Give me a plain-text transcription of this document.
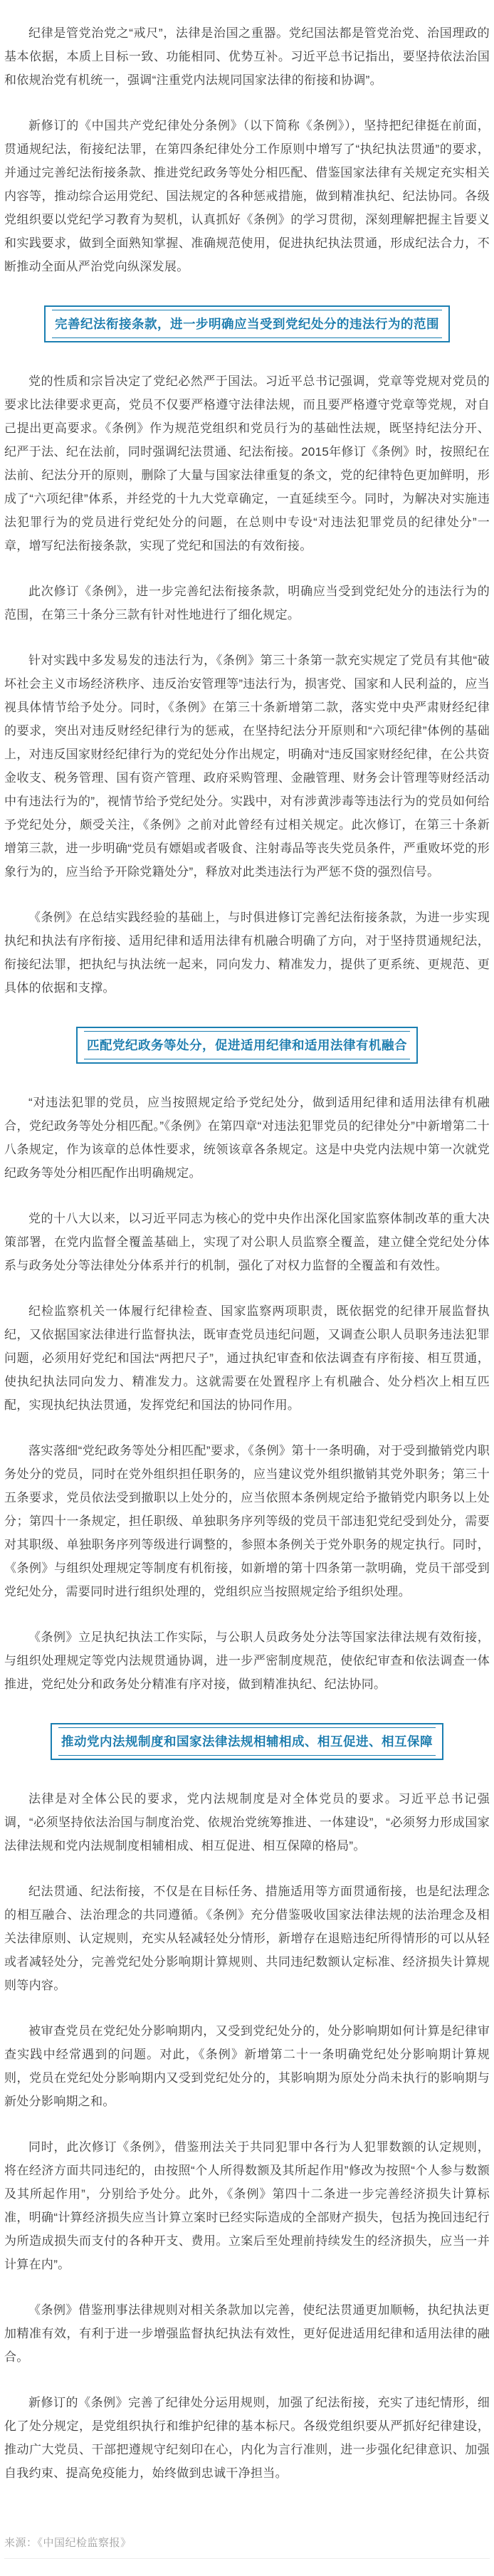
纪律是管党治党之“戒尺”，法律是治国之重器。党纪国法都是管党治党、治国理政的基本依据，本质上目标一致、功能相同、优势互补。习近平总书记指出，要坚持依法治国和依规治党有机统一，强调“注重党内法规同国家法律的衔接和协调”。

新修订的《中国共产党纪律处分条例》（以下简称《条例》），坚持把纪律挺在前面，贯通规纪法，衔接纪法罪，在第四条纪律处分工作原则中增写了“执纪执法贯通”的要求，并通过完善纪法衔接条款、推进党纪政务等处分相匹配、借鉴国家法律有关规定充实相关内容等，推动综合运用党纪、国法规定的各种惩戒措施，做到精准执纪、纪法协同。各级党组织要以党纪学习教育为契机，认真抓好《条例》的学习贯彻，深刻理解把握主旨要义和实践要求，做到全面熟知掌握、准确规范使用，促进执纪执法贯通，形成纪法合力，不断推动全面从严治党向纵深发展。

完善纪法衔接条款，进一步明确应当受到党纪处分的违法行为的范围

党的性质和宗旨决定了党纪必然严于国法。习近平总书记强调，党章等党规对党员的要求比法律要求更高，党员不仅要严格遵守法律法规，而且要严格遵守党章等党规，对自己提出更高要求。《条例》作为规范党组织和党员行为的基础性法规，既坚持纪法分开、纪严于法、纪在法前，同时强调纪法贯通、纪法衔接。2015年修订《条例》时，按照纪在法前、纪法分开的原则，删除了大量与国家法律重复的条文，党的纪律特色更加鲜明，形成了“六项纪律”体系，并经党的十九大党章确定，一直延续至今。同时，为解决对实施违法犯罪行为的党员进行党纪处分的问题，在总则中专设“对违法犯罪党员的纪律处分”一章，增写纪法衔接条款，实现了党纪和国法的有效衔接。

此次修订《条例》，进一步完善纪法衔接条款，明确应当受到党纪处分的违法行为的范围，在第三十条分三款有针对性地进行了细化规定。

针对实践中多发易发的违法行为，《条例》第三十条第一款充实规定了党员有其他“破坏社会主义市场经济秩序、违反治安管理等”违法行为，损害党、国家和人民利益的，应当视具体情节给予处分。同时，《条例》在第三十条新增第二款，落实党中央严肃财经纪律的要求，突出对违反财经纪律行为的惩戒，在坚持纪法分开原则和“六项纪律”体例的基础上，对违反国家财经纪律行为的党纪处分作出规定，明确对“违反国家财经纪律，在公共资金收支、税务管理、国有资产管理、政府采购管理、金融管理、财务会计管理等财经活动中有违法行为的”，视情节给予党纪处分。实践中，对有涉黄涉毒等违法行为的党员如何给予党纪处分，颇受关注，《条例》之前对此曾经有过相关规定。此次修订，在第三十条新增第三款，进一步明确“党员有嫖娼或者吸食、注射毒品等丧失党员条件，严重败坏党的形象行为的，应当给予开除党籍处分”，释放对此类违法行为严惩不贷的强烈信号。

《条例》在总结实践经验的基础上，与时俱进修订完善纪法衔接条款，为进一步实现执纪和执法有序衔接、适用纪律和适用法律有机融合明确了方向，对于坚持贯通规纪法，衔接纪法罪，把执纪与执法统一起来，同向发力、精准发力，提供了更系统、更规范、更具体的依据和支撑。

匹配党纪政务等处分，促进适用纪律和适用法律有机融合

“对违法犯罪的党员，应当按照规定给予党纪处分，做到适用纪律和适用法律有机融合，党纪政务等处分相匹配。”《条例》在第四章“对违法犯罪党员的纪律处分”中新增第二十八条规定，作为该章的总体性要求，统领该章各条规定。这是中央党内法规中第一次就党纪政务等处分相匹配作出明确规定。

党的十八大以来，以习近平同志为核心的党中央作出深化国家监察体制改革的重大决策部署，在党内监督全覆盖基础上，实现了对公职人员监察全覆盖，建立健全党纪处分体系与政务处分等法律处分体系并行的机制，强化了对权力监督的全覆盖和有效性。

纪检监察机关一体履行纪律检查、国家监察两项职责，既依据党的纪律开展监督执纪，又依据国家法律进行监督执法，既审查党员违纪问题，又调查公职人员职务违法犯罪问题，必须用好党纪和国法“两把尺子”，通过执纪审查和依法调查有序衔接、相互贯通，使执纪执法同向发力、精准发力。这就需要在处置程序上有机融合、处分档次上相互匹配，实现执纪执法贯通，发挥党纪和国法的协同作用。

落实落细“党纪政务等处分相匹配”要求，《条例》第十一条明确，对于受到撤销党内职务处分的党员，同时在党外组织担任职务的，应当建议党外组织撤销其党外职务；第三十五条要求，党员依法受到撤职以上处分的，应当依照本条例规定给予撤销党内职务以上处分；第四十一条规定，担任职级、单独职务序列等级的党员干部违犯党纪受到处分，需要对其职级、单独职务序列等级进行调整的，参照本条例关于党外职务的规定执行。同时，《条例》与组织处理规定等制度有机衔接，如新增的第十四条第一款明确，党员干部受到党纪处分，需要同时进行组织处理的，党组织应当按照规定给予组织处理。

《条例》立足执纪执法工作实际，与公职人员政务处分法等国家法律法规有效衔接，与组织处理规定等党内法规贯通协调，进一步严密制度规范，使依纪审查和依法调查一体推进，党纪处分和政务处分精准有序对接，做到精准执纪、纪法协同。

推动党内法规制度和国家法律法规相辅相成、相互促进、相互保障

法律是对全体公民的要求，党内法规制度是对全体党员的要求。习近平总书记强调，“必须坚持依法治国与制度治党、依规治党统筹推进、一体建设”，“必须努力形成国家法律法规和党内法规制度相辅相成、相互促进、相互保障的格局”。

纪法贯通、纪法衔接，不仅是在目标任务、措施适用等方面贯通衔接，也是纪法理念的相互融合、法治理念的共同遵循。《条例》充分借鉴吸收国家法律法规的法治理念及相关法律原则、认定规则，充实从轻减轻处分情形，新增存在退赔违纪所得情形的可以从轻或者减轻处分，完善党纪处分影响期计算规则、共同违纪数额认定标准、经济损失计算规则等内容。

被审查党员在党纪处分影响期内，又受到党纪处分的，处分影响期如何计算是纪律审查实践中经常遇到的问题。对此，《条例》新增第二十一条明确党纪处分影响期计算规则，党员在党纪处分影响期内又受到党纪处分的，其影响期为原处分尚未执行的影响期与新处分影响期之和。

同时，此次修订《条例》，借鉴刑法关于共同犯罪中各行为人犯罪数额的认定规则，将在经济方面共同违纪的，由按照“个人所得数额及其所起作用”修改为按照“个人参与数额及其所起作用”，分别给予处分。此外，《条例》第四十二条进一步完善经济损失计算标准，明确“计算经济损失应当计算立案时已经实际造成的全部财产损失，包括为挽回违纪行为所造成损失而支付的各种开支、费用。立案后至处理前持续发生的经济损失，应当一并计算在内”。

《条例》借鉴刑事法律规则对相关条款加以完善，使纪法贯通更加顺畅，执纪执法更加精准有效，有利于进一步增强监督执纪执法有效性，更好促进适用纪律和适用法律的融合。

新修订的《条例》完善了纪律处分运用规则，加强了纪法衔接，充实了违纪情形，细化了处分规定，是党组织执行和维护纪律的基本标尺。各级党组织要从严抓好纪律建设，推动广大党员、干部把遵规守纪刻印在心，内化为言行准则，进一步强化纪律意识、加强自我约束、提高免疫能力，始终做到忠诚干净担当。

来源：《中国纪检监察报》
